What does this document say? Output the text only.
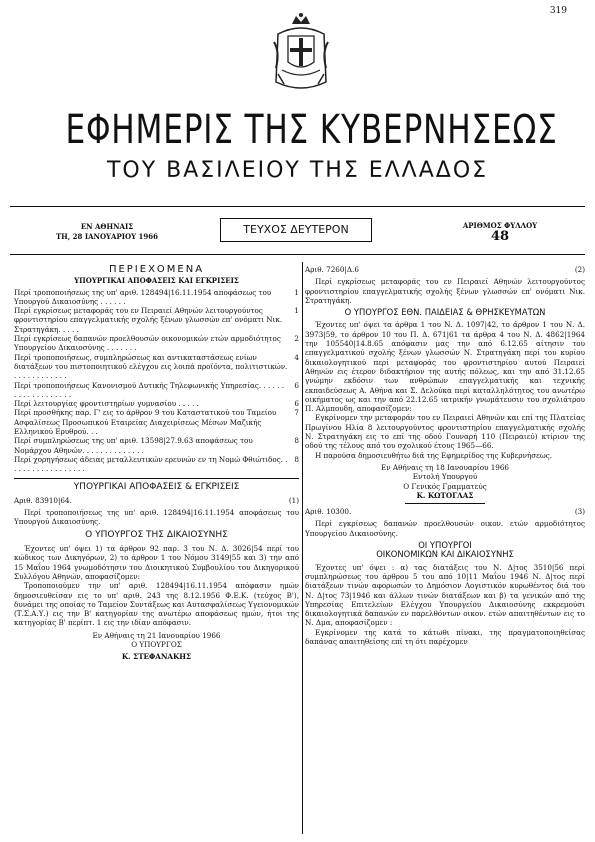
319
ΕΦΗΜΕΡΙΣ ΤΗΣ ΚΥΒΕΡΝΗΣΕΩΣ
ΤΟΥ ΒΑΣΙΛΕΙΟΥ ΤΗΣ ΕΛΛΑΔΟΣ
ΕΝ ΑΘΗΝΑΙΣ
ΤΗ, 28 ΙΑΝΟΥΑΡΙΟΥ 1966
ΤΕΥΧΟΣ ΔΕΥΤΕΡΟΝ	ΑΡΙΘΜΟΣ ΦΥΛΛΟΥ
48
ΠΕΡΙΕΧΟΜΕΝΑ
ΥΠΟΥΡΓΙΚΑΙ ΑΠΟΦΑΣΕΙΣ ΚΑΙ ΕΓΚΡΙΣΕΙΣ
Περί τροποποιήσεως της υπ' αριθ. 128494|16.11.1954 αποφάσεως του Υπουργού Δικαιοσύνης . . . . . .
1
Περί εγκρίσεως μεταφοράς του εν Πειραιεί Αθηνών λειτουργούντος φροντιστηρίου επαγγελματικής σχολής ξένων γλωσσών επ' ονόματι Νικ. Στρατηγάκη. . . . .
1
Περί εγκρίσεως δαπανών προελθουσών οικονομικών ετών αρμοδιότητος Υπουργείου Δικαιοσύνης . . . . . . .
2
Περί τροποποιήσεως, συμπληρώσεως και αντικαταστάσεως ενίων διατάξεων του πιστοποιητικού ελέγχου εις λοιπά προϊόντα, πολιτιστικών. . . . . . . . . . . . .
4
Περί τροποποιήσεως Κανονισμού Δυτικής Τηλεφωνικής Υπηρεσίας. . . . . . . . . . . . . . . . . . .
6
Περί λειτουργίας φροντιστηρίων γυμνασίου . . . . .	6
Περί προσθήκης παρ. Γ' εις το άρθρον 9 του Καταστατικού του Ταμείου Ασφαλίσεως Προσωπικού Εταιρείας Διαχειρίσεως Μέσων Μαζικής Ελληνικού Ερυθρού. . .
7
Περί συμπληρώσεως της υπ' αριθ. 13598|27.9.63 αποφάσεως του Νομάρχου Αθηνών. . . . . . . . . . . . . .
8
Περί χορηγήσεως άδειας μεταλλευτικών ερευνών εν τη Νομώ Φθιώτιδος. . . . . . . . . . . . . . . . . .
8
ΥΠΟΥΡΓΙΚΑΙ ΑΠΟΦΑΣΕΙΣ & ΕΓΚΡΙΣΕΙΣ
Αριθ. 83910|64.	(1)
Περί τροποποιήσεως της υπ' αριθ. 128494|16.11.1954 αποφάσεως του Υπουργού Δικαιοσύνης.
Ο ΥΠΟΥΡΓΟΣ ΤΗΣ ΔΙΚΑΙΟΣΥΝΗΣ
Έχοντες υπ' όψει 1) τα άρθρον 92 παρ. 3 του Ν. Δ. 3026|54 περί του κώδικος των Δικηγόρων, 2) το άρθρον 1 του Νόμου 3149|55 και 3) την από 15 Μαΐου 1964 γνωμοδότησιν του Διοικητικού Συμβουλίου του Δικηγορικού Συλλόγου Αθηνών, αποφασίζομεν:
Τροποποιούμεν την υπ' αριθ. 128494|16.11.1954 απόφασιν ημών δημοσιευθείσαν εις το υπ' αριθ. 243 της 8.12.1956 Φ.Ε.Κ. (τεύχος Β'), δυνάμει της οποίας το Ταμείον Συντάξεως και Αυτασφαλίσεως Υγειονομικών (Τ.Σ.Α.Υ.) εις την Β' κατηγορίαν της ανωτέρω αποφάσεως ημών, ήτοι της κατηγορίας Β' περίπτ. 1 εις την ιδίαν απόφασιν.
Εν Αθήναις τη 21 Ιανουαρίου 1966
Ο ΥΠΟΥΡΓΟΣ
Κ. ΣΤΕΦΑΝΑΚΗΣ
Αριθ. 7260|Δ.6	(2)
Περί εγκρίσεως μεταφοράς του εν Πειραιεί Αθηνών λειτουργούντος φροντιστηρίου επαγγελματικής σχολής ξένων γλωσσών επ' ονόματι Νικ. Στρατηγάκη.
Ο ΥΠΟΥΡΓΟΣ ΕΘΝ. ΠΑΙΔΕΙΑΣ & ΘΡΗΣΚΕΥΜΑΤΩΝ
Έχοντες υπ' όψει τα άρθρα 1 του Ν. Δ. 1097|42, το άρθρον 1 του Ν. Δ. 3973|59, το άρθρον 10 του Π. Δ. 671|61 τα άρθρα 4 του Ν. Δ. 4862|1964 την 105540|14.8.65 απόφασιν μας την από 6.12.65 αίτησιν του επαγγελματικού σχολής ξένων γλωσσών Ν. Στρατηγάκη περί του κυρίου δικαιολογητικού περί μεταφοράς του φροντιστηρίου αυτού Πειραιεί Αθηνών εις έτερον διδακτήριον της αυτής πόλεως, και την από 31.12.65 γνώμην εκδόσιν των ανθρώπων επαγγελματικής και τεχνικής εκπαιδεύσεως Α. Αθήνα και Σ. Δελούκα περί καταλληλότητος του ανωτέρω οικήματος ως και την από 22.12.65 ιατρικήν γνωμάτευσιν του σχολιάτρου Π. Αλμπουδη, αποφασίζομεν:
Εγκρίνομεν την μεταφοράν του εν Πειραιεί Αθηνών και επί της Πλατείας Πρωγίνου Ηλία 8 λειτουργούντος φροντιστηρίου επαγγελματικής σχολής Ν. Στρατηγάκη εις το επί της οδού Γουναρή 110 (Πειραιεύ) κτίριον της οδού της τέλους από του σχολικού έτους 1965—66.
Η παρούσα δημοσιευθήτω διά της Εφημερίδος της Κυβερνήσεως.
Εν Αθήναις τη 18 Ιανουαρίου 1966
Εντολή Υπουργού
Ο Γενικός Γραμματεύς
Κ. ΚΩΤΟΓΛΑΣ
Αριθ. 10300.	(3)
Περί εγκρίσεως δαπανών προελθουσών οικον. ετών αρμοδιότητος Υπουργείου Δικαιοσύνης.
ΟΙ ΥΠΟΥΡΓΟΙ
ΟΙΚΟΝΟΜΙΚΩΝ ΚΑΙ ΔΙΚΑΙΟΣΥΝΗΣ
Έχοντες υπ' όψει : α) τας διατάξεις του Ν. Δ|τος 3510|56 περί συμπληρώσεως του άρθρου 5 του από 10|11 Μαΐου 1946 Ν. Δ|τος περί διατάξεων τινών αφορωσών το Δημόσιον Λογιστικόν κυρωθέντος διά του Ν. Δ|τος 73|1946 και άλλων τινών διατάξεων και β) τα γενικών από της Υπηρεσίας Επιτελείων Ελέγχου Υπουργείου Δικαιοσύνης εκκρεμούσι δικαιολογητικά δαπανών εν παρελθόντων οικον. ετών απαιτηθέντων εις το Ν. Δμα, αποφασίζομεν :
Εγκρίνομεν της κατά το κάτωθι πίνακι, της πραγματοποιηθείσας δαπάνας απαιτηθείσης επί τη ότι παρέχομεν
